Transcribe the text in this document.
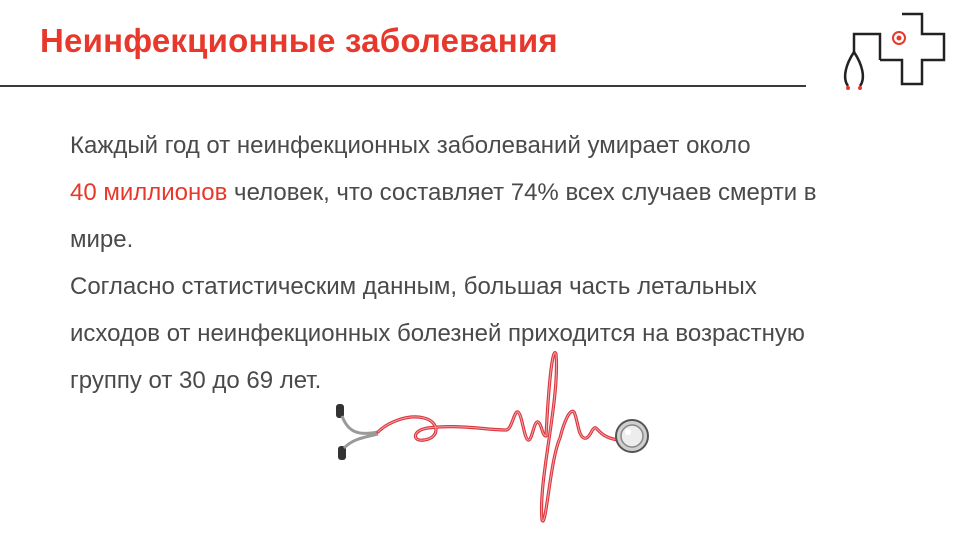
Неинфекционные заболевания

Каждый год от неинфекционных заболеваний умирает около

40 миллионов человек, что составляет 74% всех случаев смерти в

мире.

Согласно статистическим данным, большая часть летальных

исходов от неинфекционных болезней приходится на возрастную

группу от 30 до 69 лет.
